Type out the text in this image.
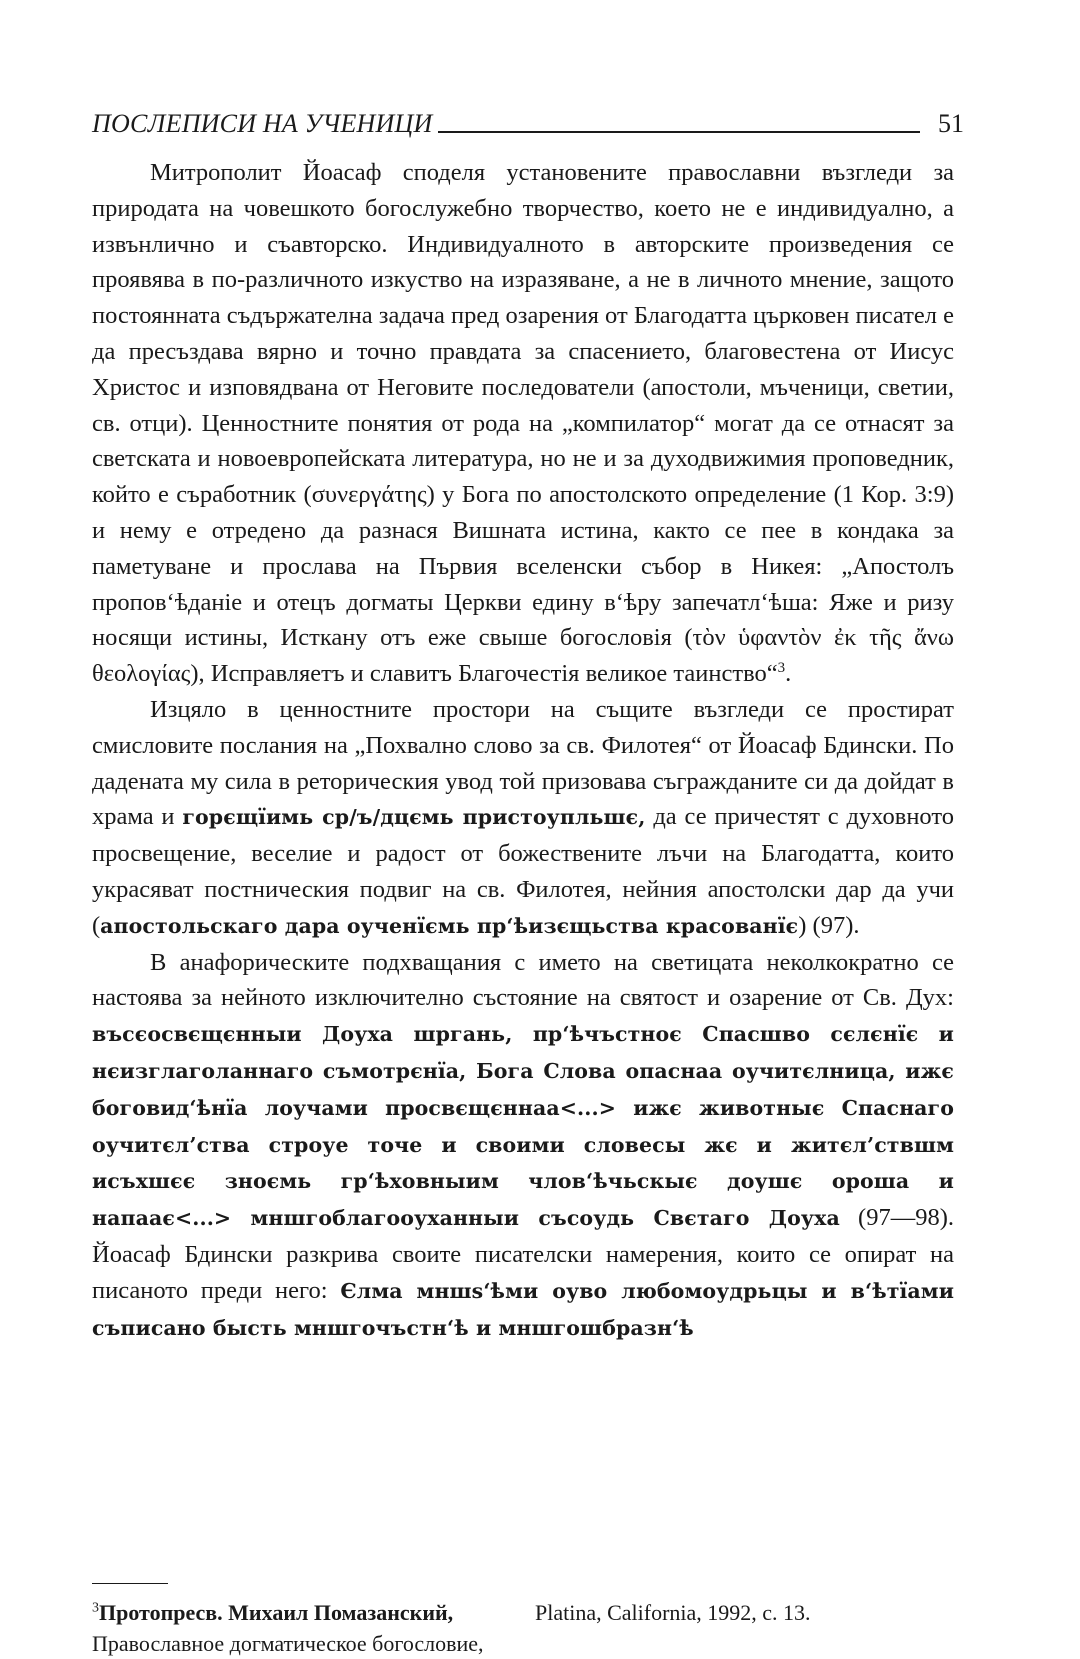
ПОСЛЕПИСИ НА УЧЕНИЦИ	51

Митрополит Йоасаф споделя установените православни възгледи за природата на човешкото богослужебно творчество, което не е индивидуално, а извънлично и съавторско. Индивидуалното в авторските произведения се проявява в по-различното изкуство на изразяване, а не в личното мнение, защото постоянната съдържателна задача пред озарения от Благодатта църковен писател е да пресъздава вярно и точно правдата за спасението, благовестена от Иисус Христос и изповядвана от Неговите последователи (апостоли, мъченици, светии, св. отци). Ценностните понятия от рода на „компилатор“ могат да се отнасят за светската и новоевропейската литература, но не и за духодвижимия проповедник, който е съработник (συνεργάτης) у Бога по апостолското определение (1 Кор. 3:9) и нему е отредено да разнася Вишната истина, както се пее в кондака за паметуване и прослава на Първия вселенски събор в Никея: „Апостолъ пропов‘ѣданіе и отецъ догматы Церкви едину в‘ѣру запечатл‘ѣша: Яже и ризу носящи истины, Исткану отъ еже свыше богословія (τὸν ὑφαντὸν ἐκ τῆς ἄνω θεολογίας), Исправляетъ и славитъ Благочестія великое таинство“$^3$.

Изцяло в ценностните простори на същите възгледи се простират смисловите послания на „Похвално слово за св. Филотея“ от Йоасаф Бдински. По дадената му сила в реторическия увод той призовава съгражданите си да дойдат в храма и горєщїимь ср/ъ/дцємь пристоупльшє, да се причестят с духовното просвещение, веселие и радост от божествените лъчи на Благодатта, които украсяват постническия подвиг на св. Филотея, нейния апостолски дар да учи (апостольскаго дара оученїємь пр‘ѣизєщьства красованїє) (97).

В анафорическите подхващания с името на светицата неколкократно се настоява за нейното изключително състояние на святост и озарение от Св. Дух: въсєосвєщєнныи Доуха шргань, пр‘ѣчъстноє Спасшво сєлєнїє и нєизглаголаннаго съмотрєнїа, Бога Слова опаснаа оучитєлница, ижє боговид‘ѣнїа лоучами просвєщєннаа<...> ижє животныє Спаснаго оучитєл’ства строуе точе и своими словесы жє и житєл’ствшм исъхшєє зноємь гр‘ѣховныим члов‘ѣчьскыє доушє ороша и напаає<...> мншгоблагооуханныи съсоудь Свєтаго Доуха (97—98). Йоасаф Бдински разкрива своите писателски намерения, които се опират на писаното преди него: Єлма мншѕ‘ѣми оуво любомоудрьцы и в‘ѣтїами съписано бысть мншгочъстн‘ѣ и мншгошбразн‘ѣ

$^3$Протопресв. Михаил Помазанский, Православное догматическое богословие, Platina, California, 1992, с. 13.
